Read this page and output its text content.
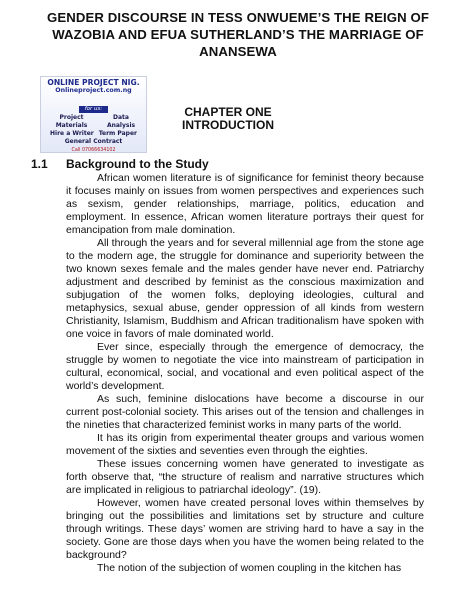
GENDER DISCOURSE IN TESS ONWUEME’S THE REIGN OF WAZOBIA AND EFUA SUTHERLAND’S THE MARRIAGE OF ANANSEWA
ONLINE PROJECT NIG.
Onlineproject.com.ng
for us:
Project Materials
Data Analysis
Hire a Writer Term Paper
General Contract
Call 07066634102
CHAPTER ONE
INTRODUCTION
1.1 Background to the Study

African women literature is of significance for feminist theory because it focuses mainly on issues from women perspectives and experiences such as sexism, gender relationships, marriage, politics, education and employment. In essence, African women literature portrays their quest for emancipation from male domination.

All through the years and for several millennial age from the stone age to the modern age, the struggle for dominance and superiority between the two known sexes female and the males gender have never end. Patriarchy adjustment and described by feminist as the conscious maximization and subjugation of the women folks, deploying ideologies, cultural and metaphysics, sexual abuse, gender oppression of all kinds from western Christianity, Islamism, Buddhism and African traditionalism have spoken with one voice in favors of male dominated world.

Ever since, especially through the emergence of democracy, the struggle by women to negotiate the vice into mainstream of participation in cultural, economical, social, and vocational and even political aspect of the world’s development.

As such, feminine dislocations have become a discourse in our current post-colonial society. This arises out of the tension and challenges in the nineties that characterized feminist works in many parts of the world.

It has its origin from experimental theater groups and various women movement of the sixties and seventies even through the eighties.

These issues concerning women have generated to investigate as forth observe that, “the structure of realism and narrative structures which are implicated in religious to patriarchal ideology”. (19).

However, women have created personal loves within themselves by bringing out the possibilities and limitations set by structure and culture through writings. These days’ women are striving hard to have a say in the society. Gone are those days when you have the women being related to the background?

The notion of the subjection of women coupling in the kitchen has
